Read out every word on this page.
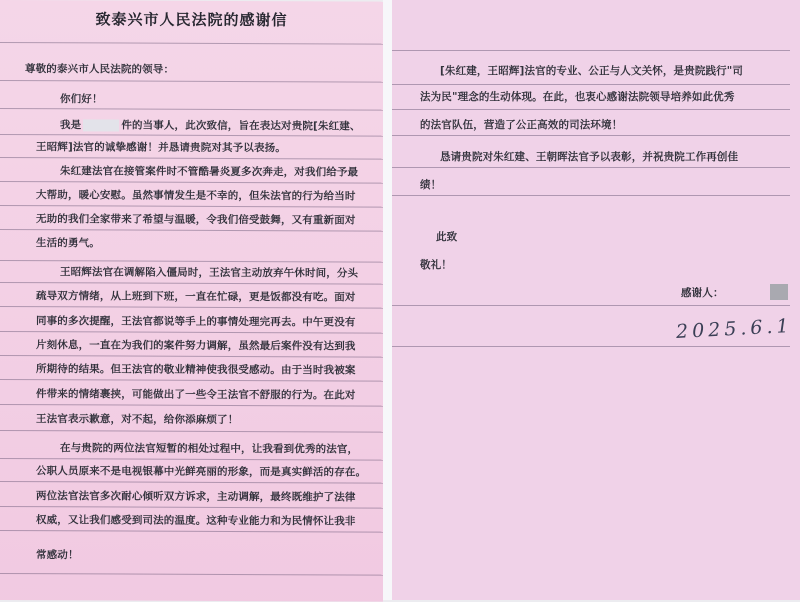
致泰兴市人民法院的感谢信
尊敬的泰兴市人民法院的领导：
你们好！
我是	件的当事人，此次致信，旨在表达对贵院[朱红建、
王昭辉]法官的诚挚感谢！并恳请贵院对其予以表扬。
朱红建法官在接管案件时不管酷暑炎夏多次奔走，对我们给予最
大帮助，暖心安慰。虽然事情发生是不幸的，但朱法官的行为给当时
无助的我们全家带来了希望与温暖，令我们倍受鼓舞，又有重新面对
生活的勇气。
王昭辉法官在调解陷入僵局时，王法官主动放弃午休时间，分头
疏导双方情绪，从上班到下班，一直在忙碌，更是饭都没有吃。面对
同事的多次提醒，王法官都说等手上的事情处理完再去。中午更没有
片刻休息，一直在为我们的案件努力调解，虽然最后案件没有达到我
所期待的结果。但王法官的敬业精神使我很受感动。由于当时我被案
件带来的情绪裹挟，可能做出了一些令王法官不舒服的行为。在此对
王法官表示歉意，对不起，给你添麻烦了！
在与贵院的两位法官短暂的相处过程中，让我看到优秀的法官，
公职人员原来不是电视银幕中光鲜亮丽的形象，而是真实鲜活的存在。
两位法官法官多次耐心倾听双方诉求，主动调解，最终既维护了法律
权威，又让我们感受到司法的温度。这种专业能力和为民情怀让我非
常感动！
[朱红建，王昭辉]法官的专业、公正与人文关怀，是贵院践行"司
法为民"理念的生动体现。在此，也衷心感谢法院领导培养如此优秀
的法官队伍，营造了公正高效的司法环境！
恳请贵院对朱红建、王朝晖法官予以表彰，并祝贵院工作再创佳
绩！
此致
敬礼！
感谢人：
2025.6.1
